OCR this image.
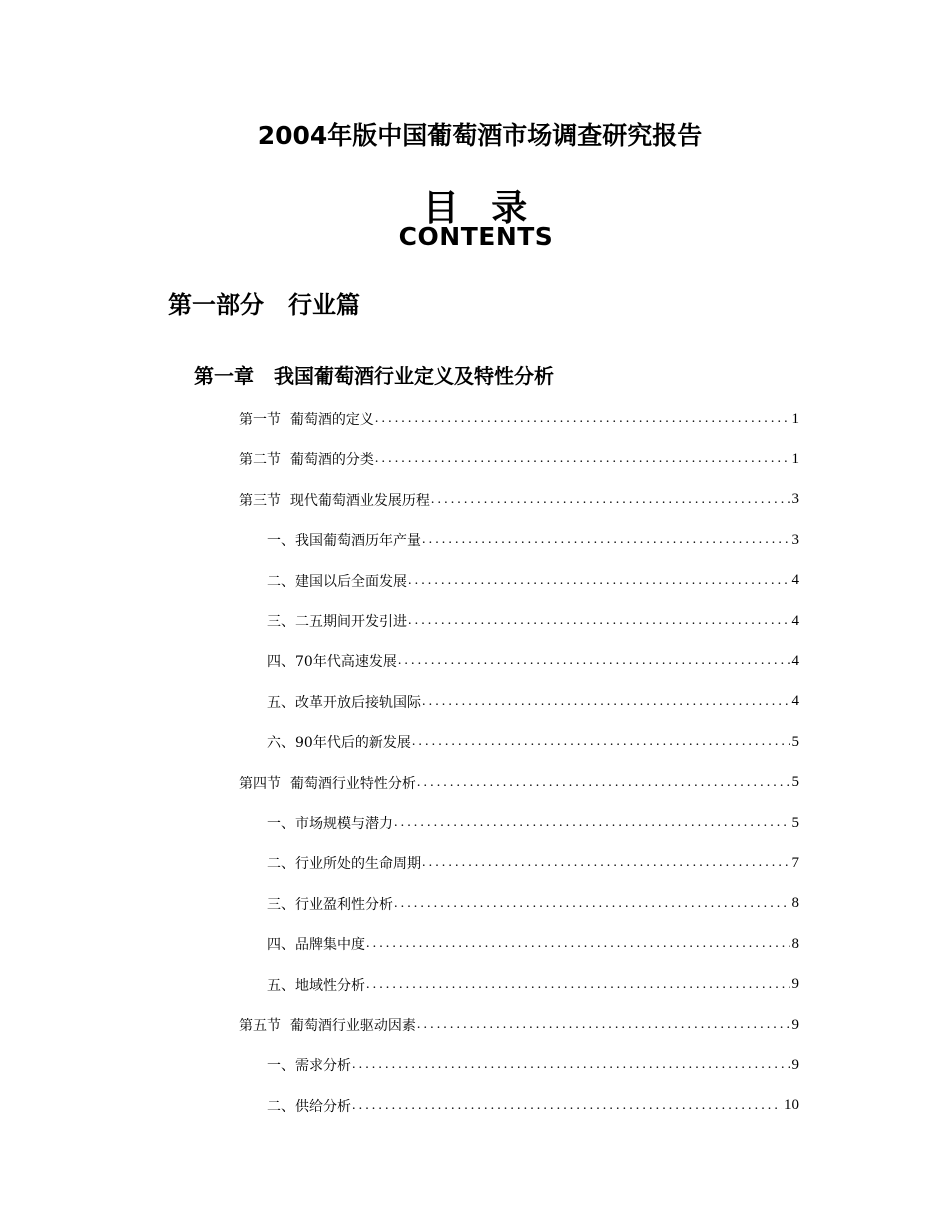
2004年版中国葡萄酒市场调查研究报告
目 录
CONTENTS
第一部分　行业篇
第一章　我国葡萄酒行业定义及特性分析
第一节  葡萄酒的定义 .....	1
第二节  葡萄酒的分类 .....	1
第三节  现代葡萄酒业发展历程 .....	3
一、我国葡萄酒历年产量 .....	3
二、建国以后全面发展 .....	4
三、二五期间开发引进 .....	4
四、70年代高速发展 .....	4
五、改革开放后接轨国际 .....	4
六、90年代后的新发展 .....	5
第四节  葡萄酒行业特性分析 .....	5
一、市场规模与潜力 .....	5
二、行业所处的生命周期 .....	7
三、行业盈利性分析 .....	8
四、品牌集中度 .....	8
五、地域性分析 .....	9
第五节  葡萄酒行业驱动因素 .....	9
一、需求分析 .....	9
二、供给分析 .....	10
